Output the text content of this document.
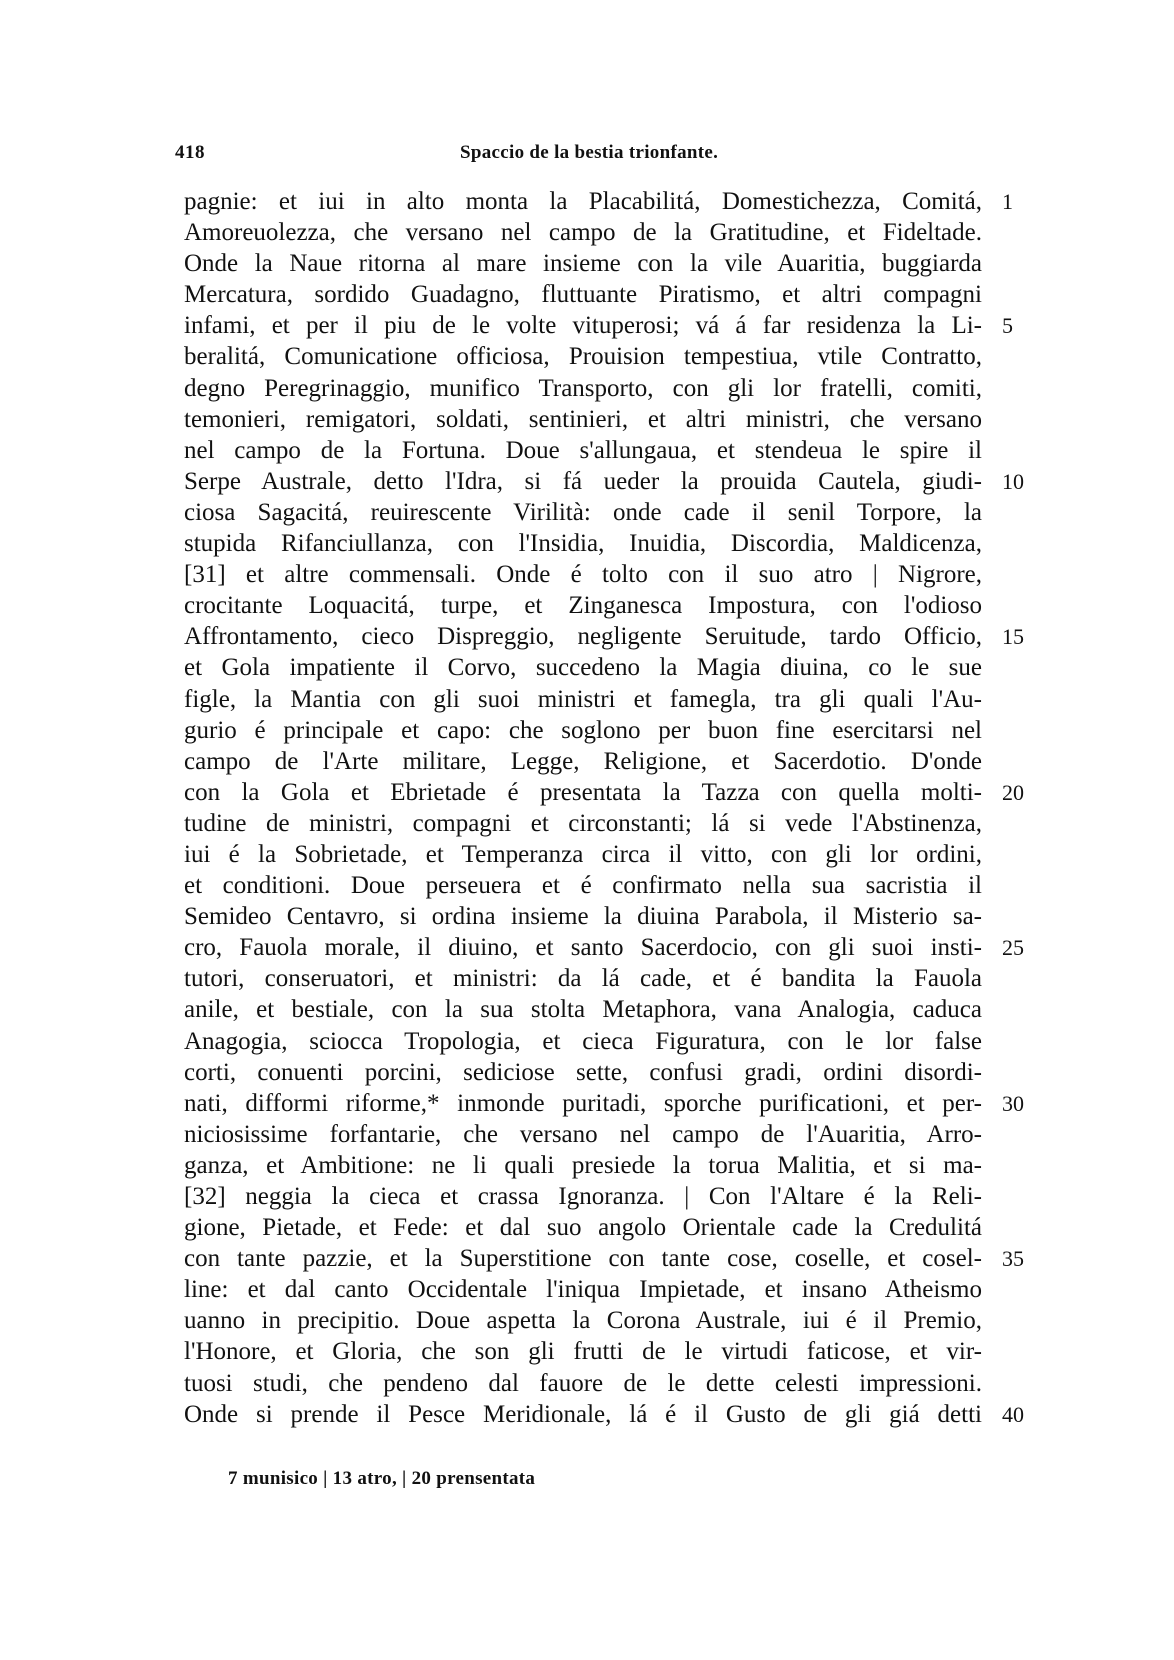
418	Spaccio de la bestia trionfante.
pagnie: et iui in alto monta la Placabilitá, Domestichezza, Comitá, 1
Amoreuolezza, che versano nel campo de la Gratitudine, et Fideltade.
Onde la Naue ritorna al mare insieme con la vile Auaritia, buggiarda
Mercatura, sordido Guadagno, fluttuante Piratismo, et altri compagni
infami, et per il piu de le volte vituperosi; vá á far residenza la Li- 5
beralitá, Comunicatione officiosa, Prouision tempestiua, vtile Contratto,
degno Peregrinaggio, munifico Transporto, con gli lor fratelli, comiti,
temonieri, remigatori, soldati, sentinieri, et altri ministri, che versano
nel campo de la Fortuna. Doue s'allungaua, et stendeua le spire il
Serpe Australe, detto l'Idra, si fá ueder la prouida Cautela, giudi- 10
ciosa Sagacitá, reuirescente Virilità: onde cade il senil Torpore, la
stupida Rifanciullanza, con l'Insidia, Inuidia, Discordia, Maldicenza,
[31] et altre commensali. Onde é tolto con il suo atro | Nigrore,
crocitante Loquacitá, turpe, et Zinganesca Impostura, con l'odioso
Affrontamento, cieco Dispreggio, negligente Seruitude, tardo Officio, 15
et Gola impatiente il Corvo, succedeno la Magia diuina, co le sue
figle, la Mantia con gli suoi ministri et famegla, tra gli quali l'Au-
gurio é principale et capo: che soglono per buon fine esercitarsi nel
campo de l'Arte militare, Legge, Religione, et Sacerdotio. D'onde
con la Gola et Ebrietade é presentata la Tazza con quella molti- 20
tudine de ministri, compagni et circonstanti; lá si vede l'Abstinenza,
iui é la Sobrietade, et Temperanza circa il vitto, con gli lor ordini,
et conditioni. Doue perseuera et é confirmato nella sua sacristia il
Semideo Centavro, si ordina insieme la diuina Parabola, il Misterio sa-
cro, Fauola morale, il diuino, et santo Sacerdocio, con gli suoi insti- 25
tutori, conseruatori, et ministri: da lá cade, et é bandita la Fauola
anile, et bestiale, con la sua stolta Metaphora, vana Analogia, caduca
Anagogia, sciocca Tropologia, et cieca Figuratura, con le lor false
corti, conuenti porcini, sediciose sette, confusi gradi, ordini disordi-
nati, difformi riforme,* inmonde puritadi, sporche purificationi, et per- 30
niciosissime forfantarie, che versano nel campo de l'Auaritia, Arro-
ganza, et Ambitione: ne li quali presiede la torua Malitia, et si ma-
[32] neggia la cieca et crassa Ignoranza. | Con l'Altare é la Reli-
gione, Pietade, et Fede: et dal suo angolo Orientale cade la Credulitá
con tante pazzie, et la Superstitione con tante cose, coselle, et cosel- 35
line: et dal canto Occidentale l'iniqua Impietade, et insano Atheismo
uanno in precipitio. Doue aspetta la Corona Australe, iui é il Premio,
l'Honore, et Gloria, che son gli frutti de le virtudi faticose, et vir-
tuosi studi, che pendeno dal fauore de le dette celesti impressioni.
Onde si prende il Pesce Meridionale, lá é il Gusto de gli giá detti 40
7 munisico | 13 atro, | 20 prensentata
